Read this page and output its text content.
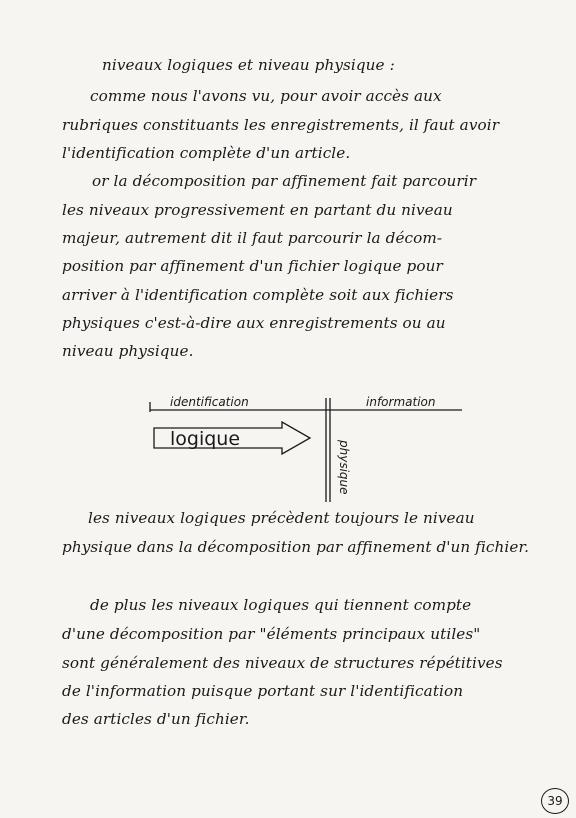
niveaux logiques et niveau physique :
comme nous l'avons vu, pour avoir accès aux
rubriques constituants les enregistrements, il faut avoir
l'identification complète d'un article.
or la décomposition par affinement fait parcourir
les niveaux progressivement en partant du niveau
majeur, autrement dit il faut parcourir la décom-
position par affinement d'un fichier logique pour
arriver à l'identification complète soit aux fichiers
physiques c'est-à-dire aux enregistrements ou au
niveau physique.
identification	information
logique
physique
les niveaux logiques précèdent toujours le niveau
physique dans la décomposition par affinement d'un fichier.
de plus les niveaux logiques qui tiennent compte
d'une décomposition par "éléments principaux utiles"
sont généralement des niveaux de structures répétitives
de l'information puisque portant sur l'identification
des articles d'un fichier.
39
